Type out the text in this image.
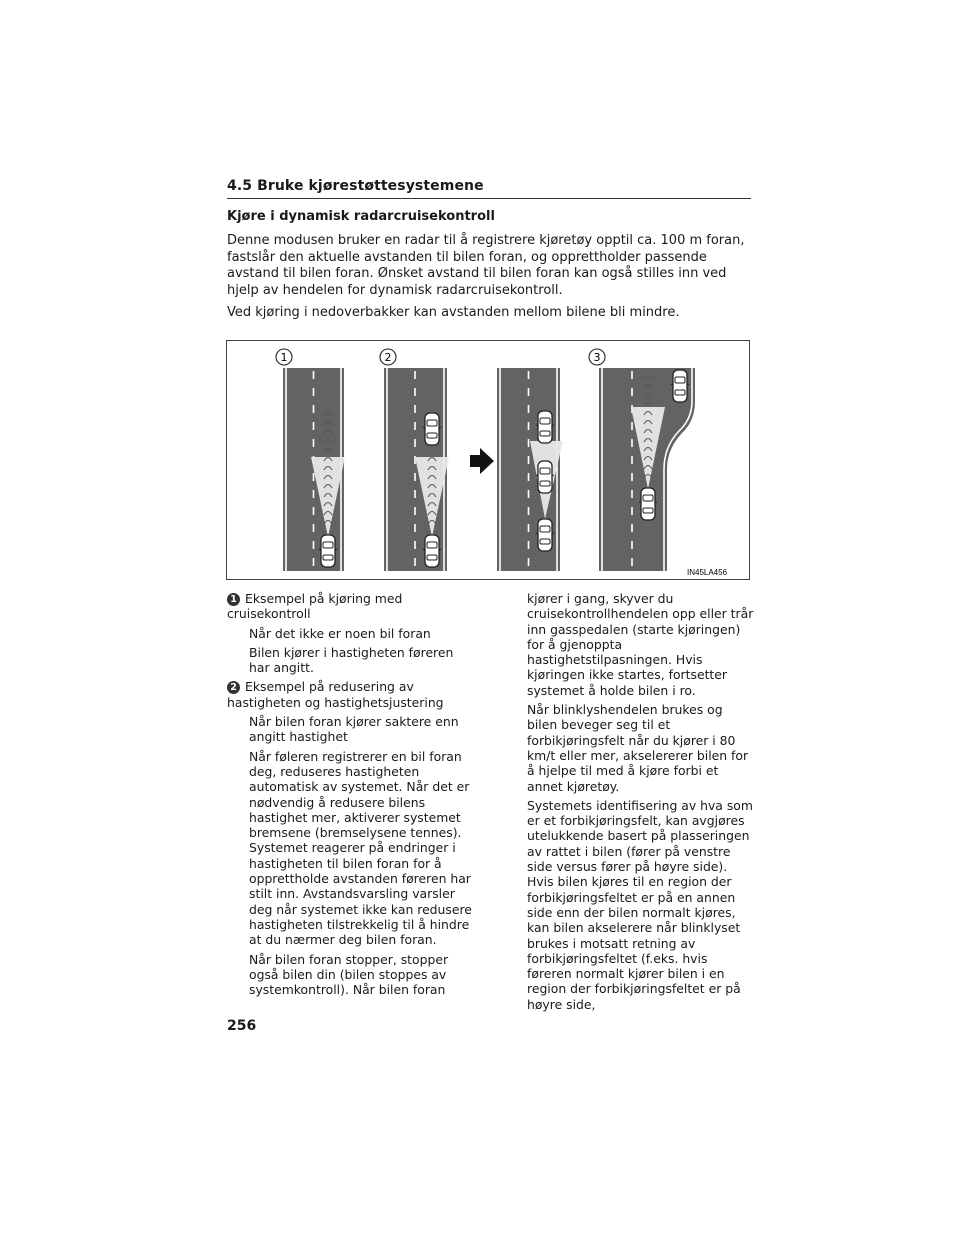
4.5 Bruke kjørestøttesystemene
Kjøre i dynamisk radarcruisekontroll

Denne modusen bruker en radar til å registrere kjøretøy opptil ca. 100 m foran, fastslår den aktuelle avstanden til bilen foran, og opprettholder passende avstand til bilen foran. Ønsket avstand til bilen foran kan også stilles inn ved hjelp av hendelen for dynamisk radarcruisekontroll.

Ved kjøring i nedoverbakker kan avstanden mellom bilene bli mindre.

1	2	3
IN45LA456

1 Eksempel på kjøring med cruisekontroll

Når det ikke er noen bil foran

Bilen kjører i hastigheten føreren har angitt.

2 Eksempel på redusering av hastigheten og hastighetsjustering

Når bilen foran kjører saktere enn angitt hastighet

Når føleren registrerer en bil foran deg, reduseres hastigheten automatisk av systemet. Når det er nødvendig å redusere bilens hastighet mer, aktiverer systemet bremsene (bremselysene tennes). Systemet reagerer på endringer i hastigheten til bilen foran for å opprettholde avstanden føreren har stilt inn. Avstandsvarsling varsler deg når systemet ikke kan redusere hastigheten tilstrekkelig til å hindre at du nærmer deg bilen foran.

Når bilen foran stopper, stopper også bilen din (bilen stoppes av systemkontroll). Når bilen foran

kjører i gang, skyver du cruisekontrollhendelen opp eller trår inn gasspedalen (starte kjøringen) for å gjenoppta hastighetstilpasningen. Hvis kjøringen ikke startes, fortsetter systemet å holde bilen i ro.

Når blinklyshendelen brukes og bilen beveger seg til et forbikjøringsfelt når du kjører i 80 km/t eller mer, akselererer bilen for å hjelpe til med å kjøre forbi et annet kjøretøy.

Systemets identifisering av hva som er et forbikjøringsfelt, kan avgjøres utelukkende basert på plasseringen av rattet i bilen (fører på venstre side versus fører på høyre side). Hvis bilen kjøres til en region der forbikjøringsfeltet er på en annen side enn der bilen normalt kjøres, kan bilen akselerere når blinklyset brukes i motsatt retning av forbikjøringsfeltet (f.eks. hvis føreren normalt kjører bilen i en region der forbikjøringsfeltet er på høyre side,

256
